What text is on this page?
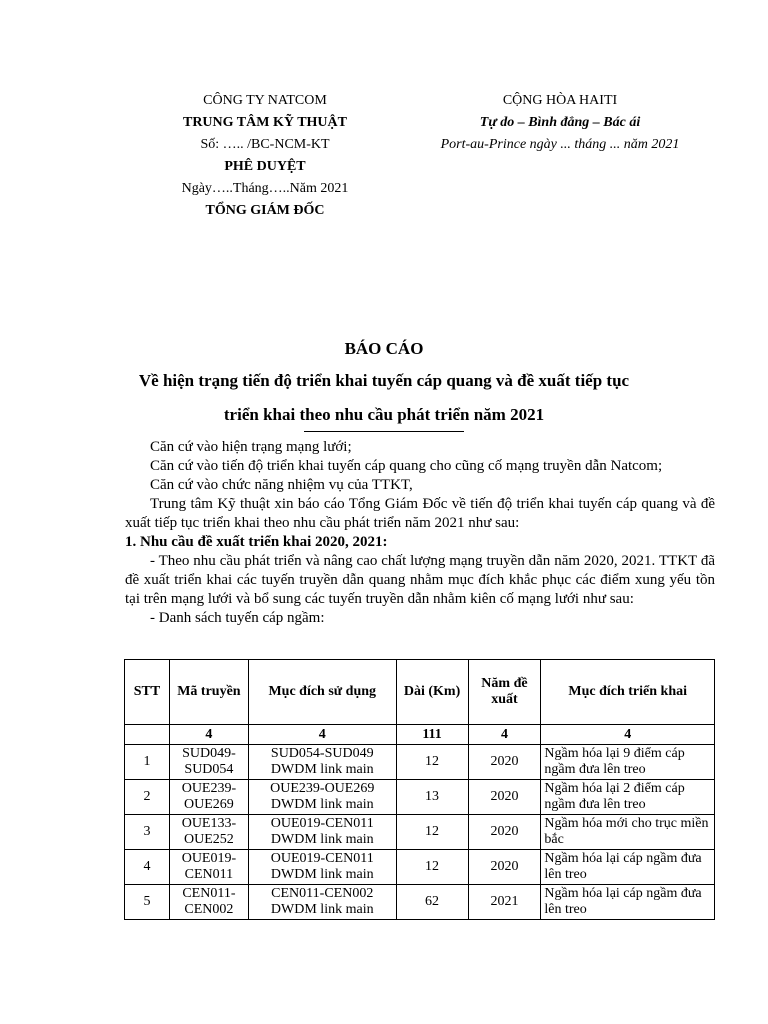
CÔNG TY NATCOM
TRUNG TÂM KỸ THUẬT
Số: ….. /BC-NCM-KT
PHÊ DUYỆT
Ngày…..Tháng…..Năm 2021
TỔNG GIÁM ĐỐC
CỘNG HÒA HAITI
Tự do – Bình đẳng – Bác ái
Port-au-Prince ngày ... tháng ... năm 2021
BÁO CÁO
Về hiện trạng tiến độ triển khai tuyến cáp quang và đề xuất tiếp tục
triển khai theo nhu cầu phát triển năm 2021

Căn cứ vào hiện trạng mạng lưới;

Căn cứ vào tiến độ triển khai tuyến cáp quang cho cũng cố mạng truyền dẫn Natcom;

Căn cứ vào chức năng nhiệm vụ của TTKT,

Trung tâm Kỹ thuật xin báo cáo Tổng Giám Đốc về tiến độ triển khai tuyến cáp quang và đề xuất tiếp tục triển khai theo nhu cầu phát triển năm 2021 như sau:

1. Nhu cầu đề xuất triển khai 2020, 2021:

- Theo nhu cầu phát triển và nâng cao chất lượng mạng truyền dẫn năm 2020, 2021. TTKT đã đề xuất triển khai các tuyến truyền dẫn quang nhằm mục đích khắc phục các điểm xung yếu tồn tại trên mạng lưới và bổ sung các tuyến truyền dẫn nhằm kiên cố mạng lưới như sau:

- Danh sách tuyến cáp ngầm:

STT	Mã truyền	Mục đích sử dụng	Dài (Km)	Năm đề xuất	Mục đích triển khai
	4	4	111	4	4
1	SUD049-SUD054	SUD054-SUD049 DWDM link main	12	2020	Ngầm hóa lại 9 điểm cáp ngầm đưa lên treo
2	OUE239-OUE269	OUE239-OUE269 DWDM link main	13	2020	Ngầm hóa lại 2 điểm cáp ngầm đưa lên treo
3	OUE133-OUE252	OUE019-CEN011 DWDM link main	12	2020	Ngầm hóa mới cho trục miền bắc
4	OUE019-CEN011	OUE019-CEN011 DWDM link main	12	2020	Ngầm hóa lại cáp ngầm đưa lên treo
5	CEN011-CEN002	CEN011-CEN002 DWDM link main	62	2021	Ngầm hóa lại cáp ngầm đưa lên treo
